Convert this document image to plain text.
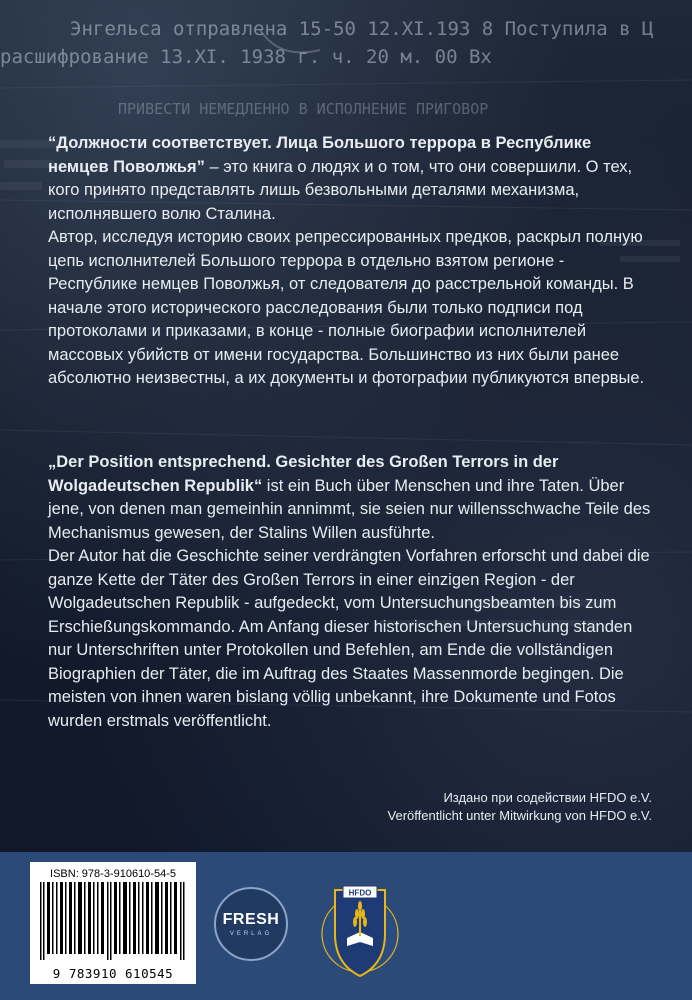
Энгельса отправлена 15-50 12.XI.193 8 Поступила в Ц
расшифрование 13.XI. 1938 г. ч. 20 м. 00 Вх
ПРИВЕСТИ НЕМЕДЛЕННО В ИСПОЛНЕНИЕ ПРИГОВОР

“Должности соответствует. Лица Большого террора в Республике немцев Поволжья” – это книга о людях и о том, что они совершили. О тех, кого принято представлять лишь безвольными деталями механизма, исполнявшего волю Сталина.

Автор, исследуя историю своих репрессированных предков, раскрыл полную цепь исполнителей Большого террора в отдельно взятом регионе - Республике немцев Поволжья, от следователя до расстрельной команды. В начале этого исторического расследования были только подписи под протоколами и приказами, в конце - полные биографии исполнителей массовых убийств от имени государства. Большинство из них были ранее абсолютно неизвестны, а их документы и фотографии публикуются впервые.

„Der Position entsprechend. Gesichter des Großen Terrors in der Wolgadeutschen Republik“ ist ein Buch über Menschen und ihre Taten. Über jene, von denen man gemeinhin annimmt, sie seien nur willensschwache Teile des Mechanismus gewesen, der Stalins Willen ausführte.

Der Autor hat die Geschichte seiner verdrängten Vorfahren erforscht und dabei die ganze Kette der Täter des Großen Terrors in einer einzigen Region - der Wolgadeutschen Republik - aufgedeckt, vom Untersuchungsbeamten bis zum Erschießungskommando. Am Anfang dieser historischen Untersuchung standen nur Unterschriften unter Protokollen und Befehlen, am Ende die vollständigen Biographien der Täter, die im Auftrag des Staates Massenmorde begingen. Die meisten von ihnen waren bislang völlig unbekannt, ihre Dokumente und Fotos wurden erstmals veröffentlicht.

Издано при содействии HFDO e.V.
Veröffentlicht unter Mitwirkung von HFDO e.V.
ISBN: 978-3-910610-54-5
9 783910 610545
FRESH
VERLAG
HFDO
